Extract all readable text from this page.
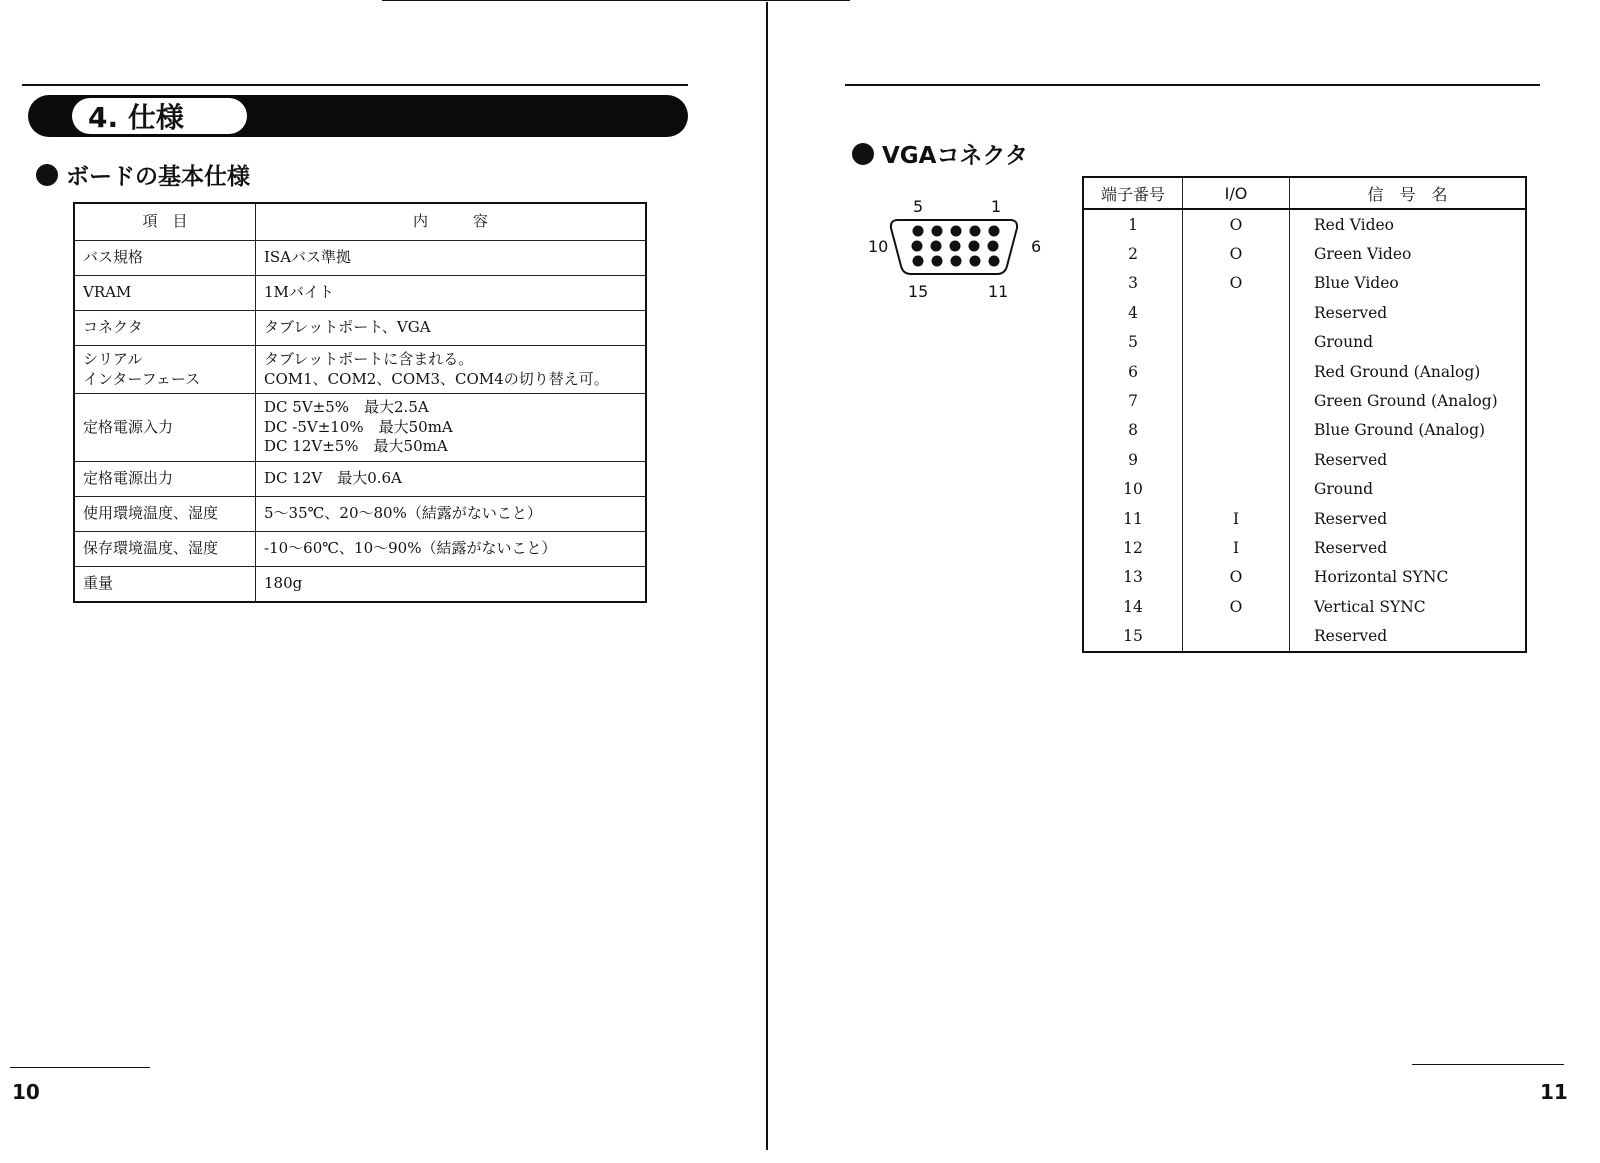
4. 仕様
ボードの基本仕様
項　目	内　　　容

バス規格	ISAバス準拠

VRAM	1Mバイト

コネクタ	タブレットポート、VGA

シリアル
インターフェース	タブレットポートに含まれる。
COM1、COM2、COM3、COM4の切り替え可。

定格電源入力	DC 5V±5%　最大2.5A
DC -5V±10%　最大50mA
DC 12V±5%　最大50mA

定格電源出力	DC 12V　最大0.6A

使用環境温度、湿度	5～35℃、20～80%（結露がないこと）

保存環境温度、湿度	-10～60℃、10～90%（結露がないこと）

重量	180g
10
VGAコネクタ
5	1
10	6
15	11
端子番号	I/O	信　号　名
1	O	Red Video
2	O	Green Video
3	O	Blue Video
4		Reserved
5		Ground
6		Red Ground (Analog)
7		Green Ground (Analog)
8		Blue Ground (Analog)
9		Reserved
10		Ground
11	I	Reserved
12	I	Reserved
13	O	Horizontal SYNC
14	O	Vertical SYNC
15		Reserved
11
